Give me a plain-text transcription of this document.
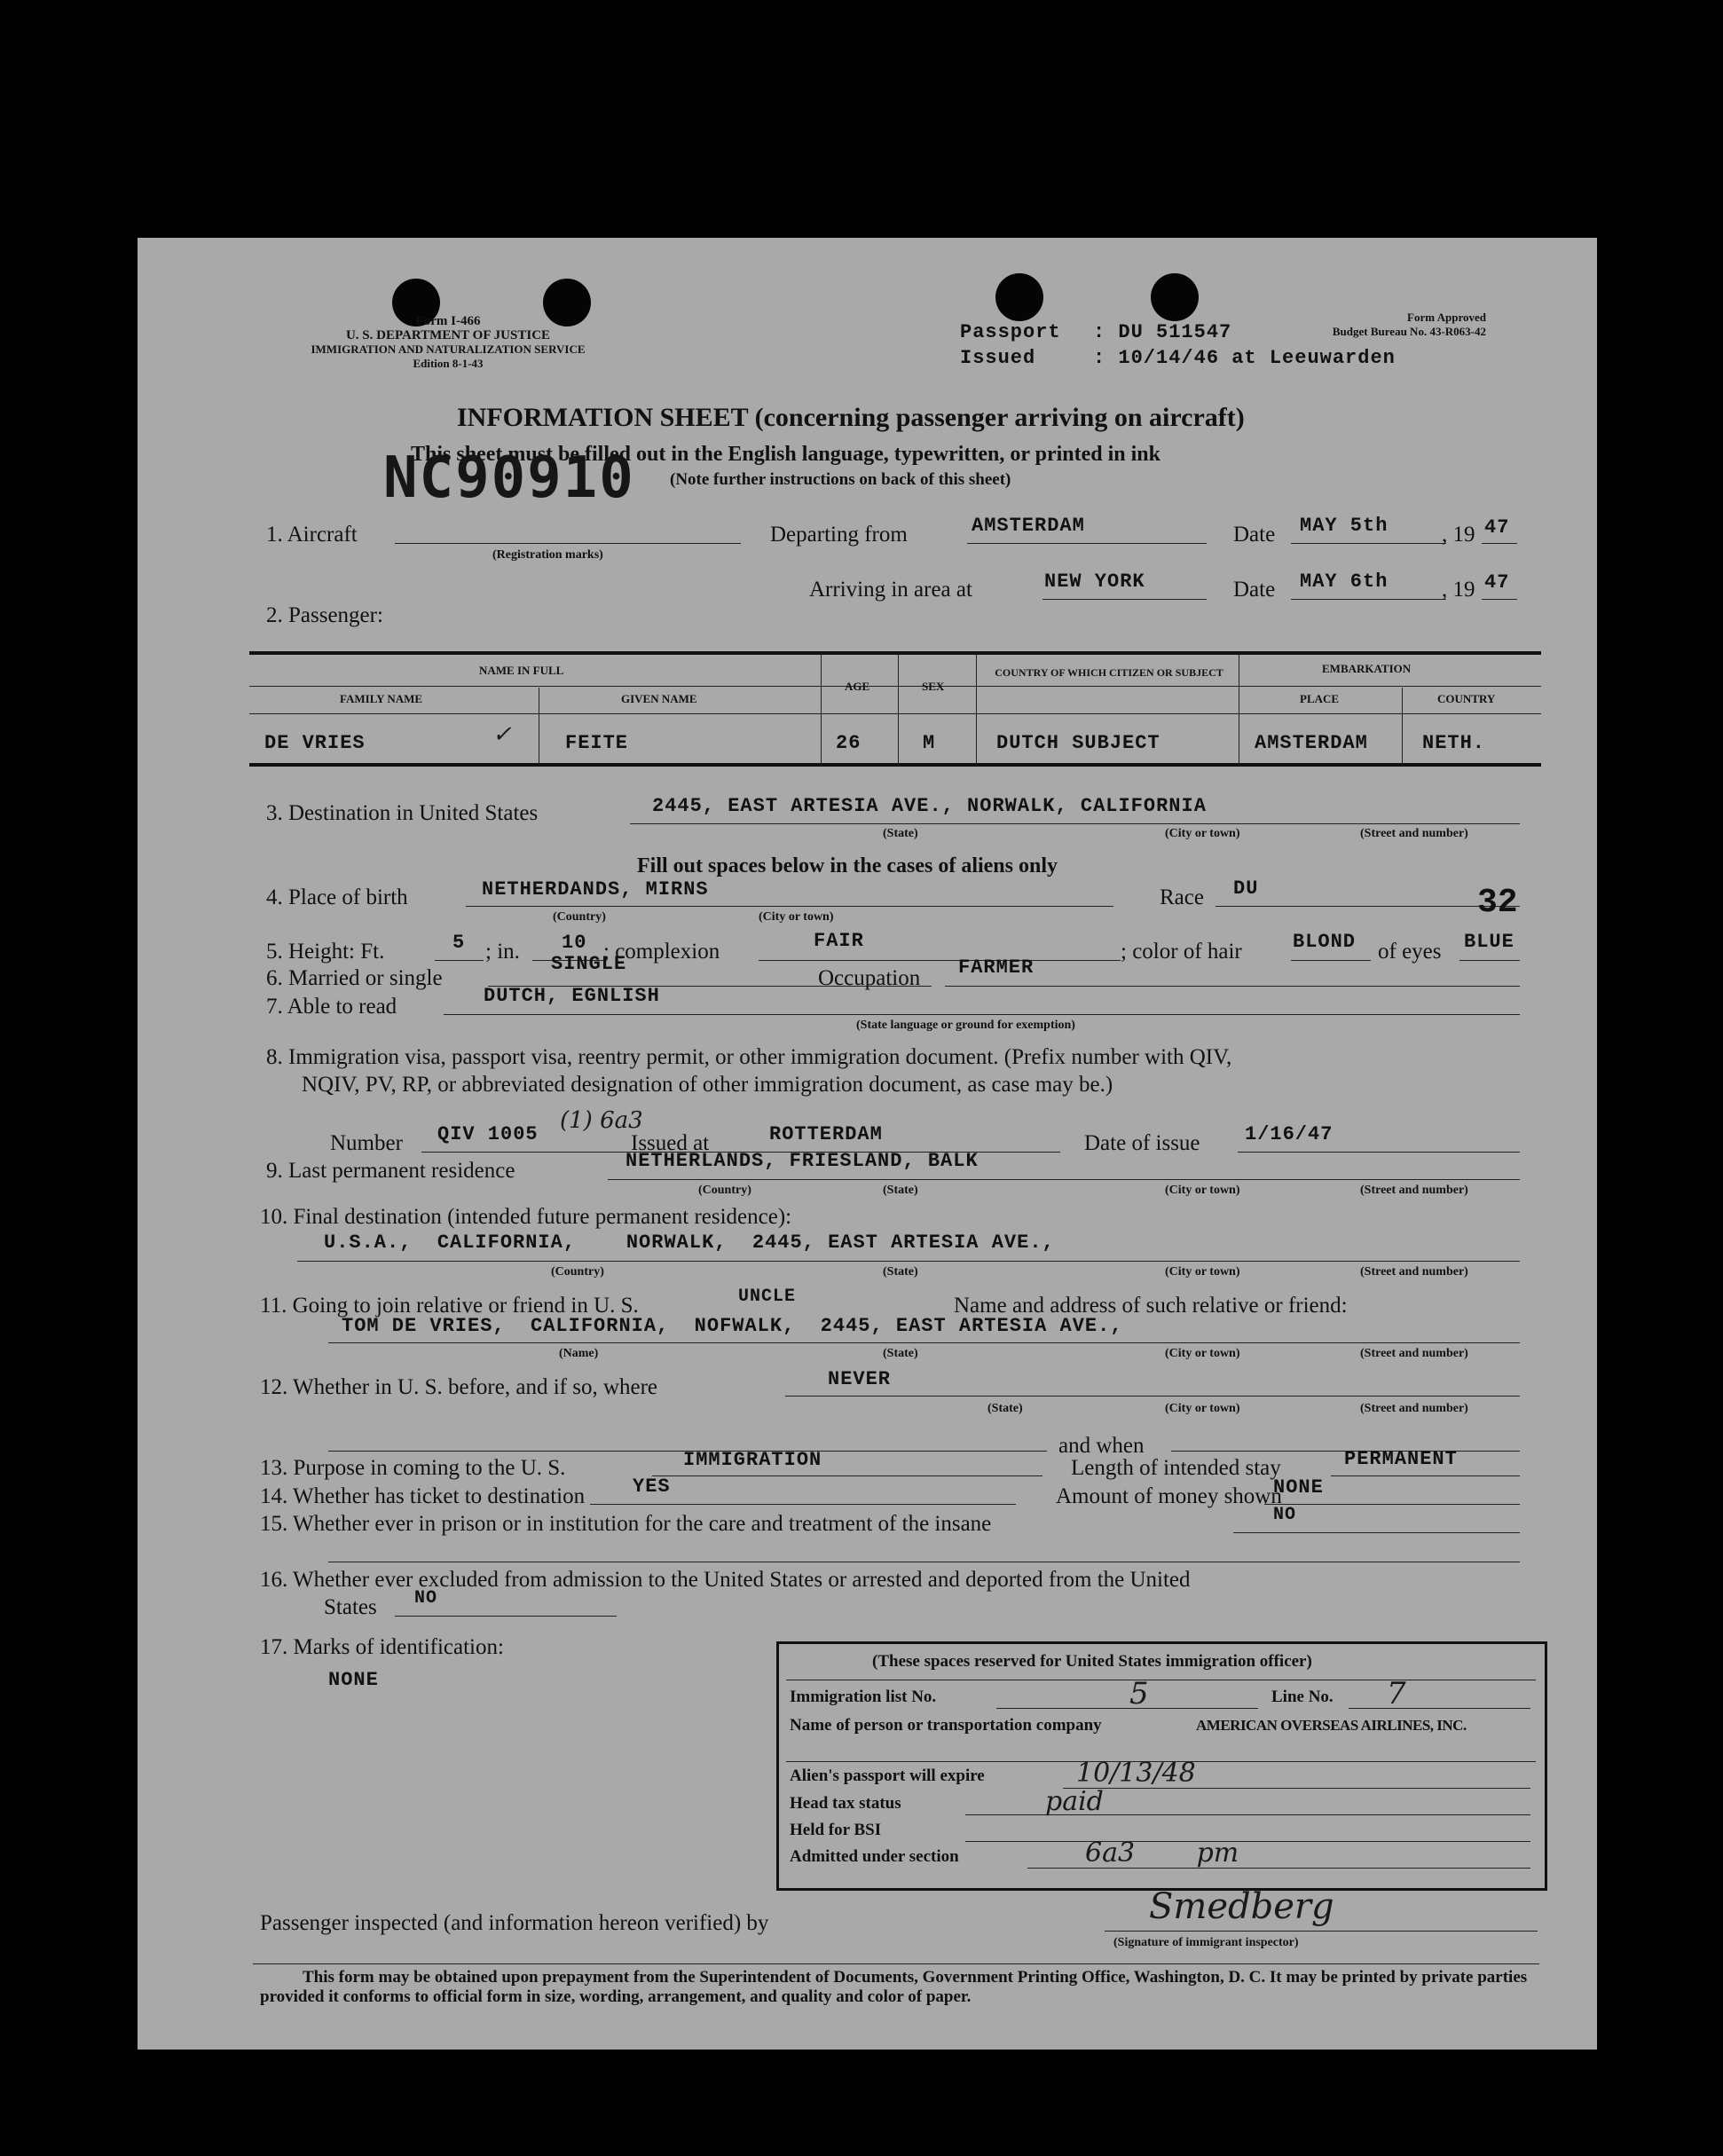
Form I-466
U. S. DEPARTMENT OF JUSTICE
IMMIGRATION AND NATURALIZATION SERVICE
Edition 8-1-43
Passport : DU 511547
Issued	: 10/14/46 at Leeuwarden
Form Approved
Budget Bureau No. 43-R063-42
INFORMATION SHEET (concerning passenger arriving on aircraft)
This sheet must be filled out in the English language, typewritten, or printed in ink
(Note further instructions on back of this sheet)
NC90910
1. Aircraft
(Registration marks)
Departing from	AMSTERDAM	Date MAY 5th , 19 47
Arriving in area at	NEW YORK	Date MAY 6th , 19 47
2. Passenger:
NAME IN FULL
FAMILY NAME	GIVEN NAME
AGE	SEX
COUNTRY OF WHICH CITIZEN OR SUBJECT	EMBARKATION
PLACE	COUNTRY
DE VRIES	✓	FEITE	26	M	DUTCH SUBJECT	AMSTERDAM	NETH.
3. Destination in United States	2445, EAST ARTESIA AVE., NORWALK, CALIFORNIA
(State)	(City or town)	(Street and number)
Fill out spaces below in the cases of aliens only
4. Place of birth	NETHERDANDS, MIRNS
(Country)	(City or town)
Race DU	32
5. Height: Ft.	5 ; in. 10 ; complexion	FAIR	; color of hair	BLOND of eyes BLUE
6. Married or single
SINGLE
Occupation FARMER
7. Able to read	DUTCH, EGNLISH
(State language or ground for exemption)
8. Immigration visa, passport visa, reentry permit, or other immigration document. (Prefix number with QIV,
NQIV, PV, RP, or abbreviated designation of other immigration document, as case may be.)
Number QIV 1005
(1) 6a3
Issued at	ROTTERDAM	Date of issue 1/16/47
9. Last permanent residence	NETHERLANDS, FRIESLAND, BALK
(Country)	(State)	(City or town)	(Street and number)
10. Final destination (intended future permanent residence):
U.S.A.,  CALIFORNIA,    NORWALK,  2445, EAST ARTESIA AVE.,
(Country)	(State)	(City or town)	(Street and number)
11. Going to join relative or friend in U. S.	UNCLE	Name and address of such relative or friend:
TOM DE VRIES,  CALIFORNIA,  NOFWALK,  2445, EAST ARTESIA AVE.,
(Name)	(State)	(City or town)	(Street and number)
12. Whether in U. S. before, and if so, where	NEVER
(State)	(City or town)	(Street and number)
and when
13. Purpose in coming to the U. S.	IMMIGRATION	Length of intended stay	PERMANENT
14. Whether has ticket to destination YES	Amount of money shown
NONE
15. Whether ever in prison or in institution for the care and treatment of the insane	NO
16. Whether ever excluded from admission to the United States or arrested and deported from the United
States NO
17. Marks of identification:
NONE
(These spaces reserved for United States immigration officer)
Immigration list No.	5	Line No. 7
Name of person or transportation company	AMERICAN OVERSEAS AIRLINES, INC.
Alien's passport will expire	10/13/48
Head tax status	paid
Held for BSI
Admitted under section	6a3 pm
Passenger inspected (and information hereon verified) by	Smedberg
(Signature of immigrant inspector)
This form may be obtained upon prepayment from the Superintendent of Documents, Government Printing Office, Washington, D. C. It may be printed by private parties provided it conforms to official form in size, wording, arrangement, and quality and color of paper.
